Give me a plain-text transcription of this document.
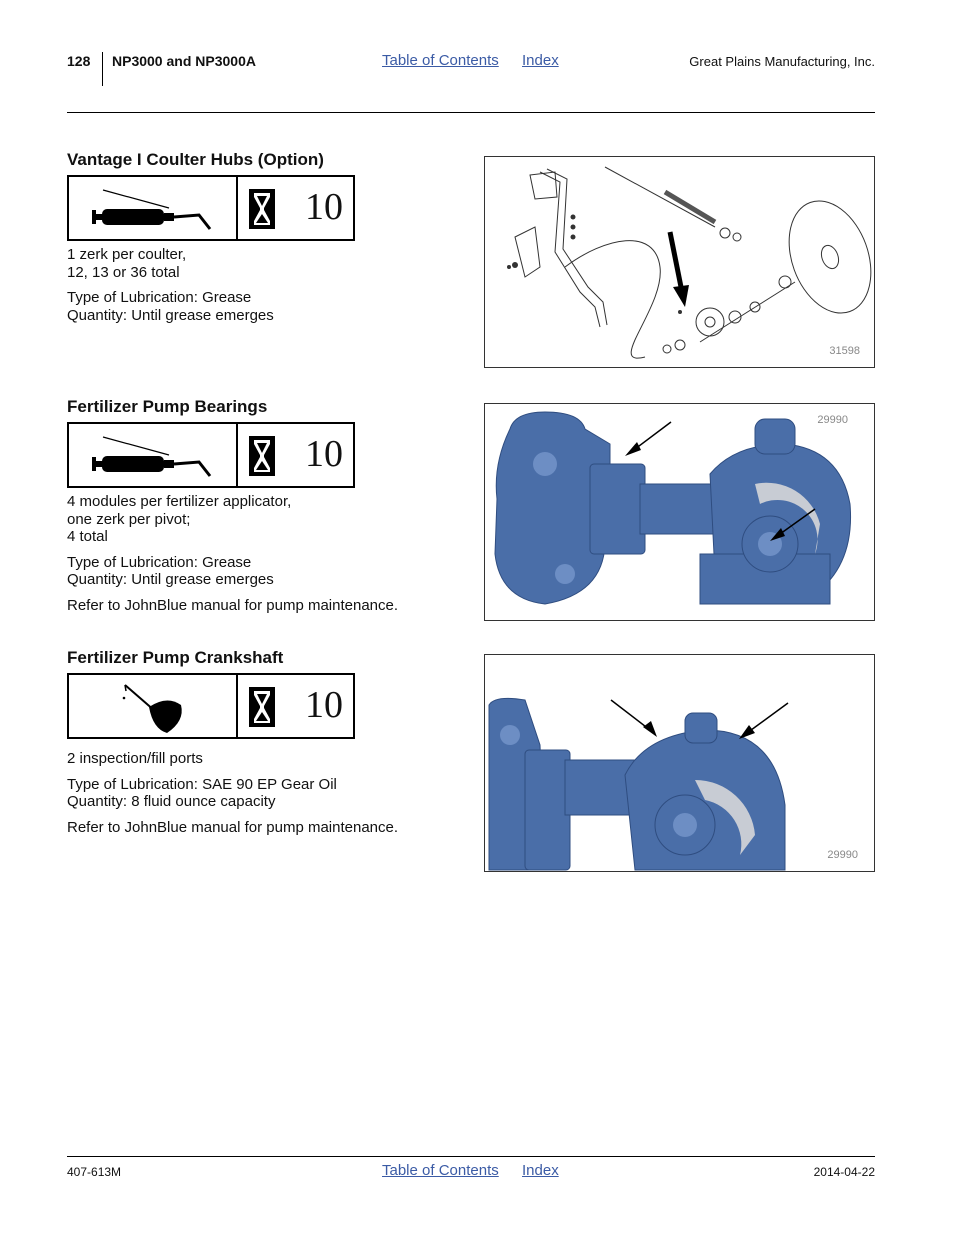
128 NP3000 and NP3000A	Table of Contents Index	Great Plains Manufacturing, Inc.
Vantage I Coulter Hubs (Option)
10
1 zerk per coulter,
12, 13 or 36 total
Type of Lubrication: Grease
Quantity: Until grease emerges
31598
Fertilizer Pump Bearings
10
4 modules per fertilizer applicator,
one zerk per pivot;
4 total
Type of Lubrication: Grease
Quantity: Until grease emerges
Refer to JohnBlue manual for pump maintenance.
29990
Fertilizer Pump Crankshaft
10
2 inspection/fill ports
Type of Lubrication: SAE 90 EP Gear Oil
Quantity: 8 fluid ounce capacity
Refer to JohnBlue manual for pump maintenance.
29990
407-613M	Table of Contents Index	2014-04-22
